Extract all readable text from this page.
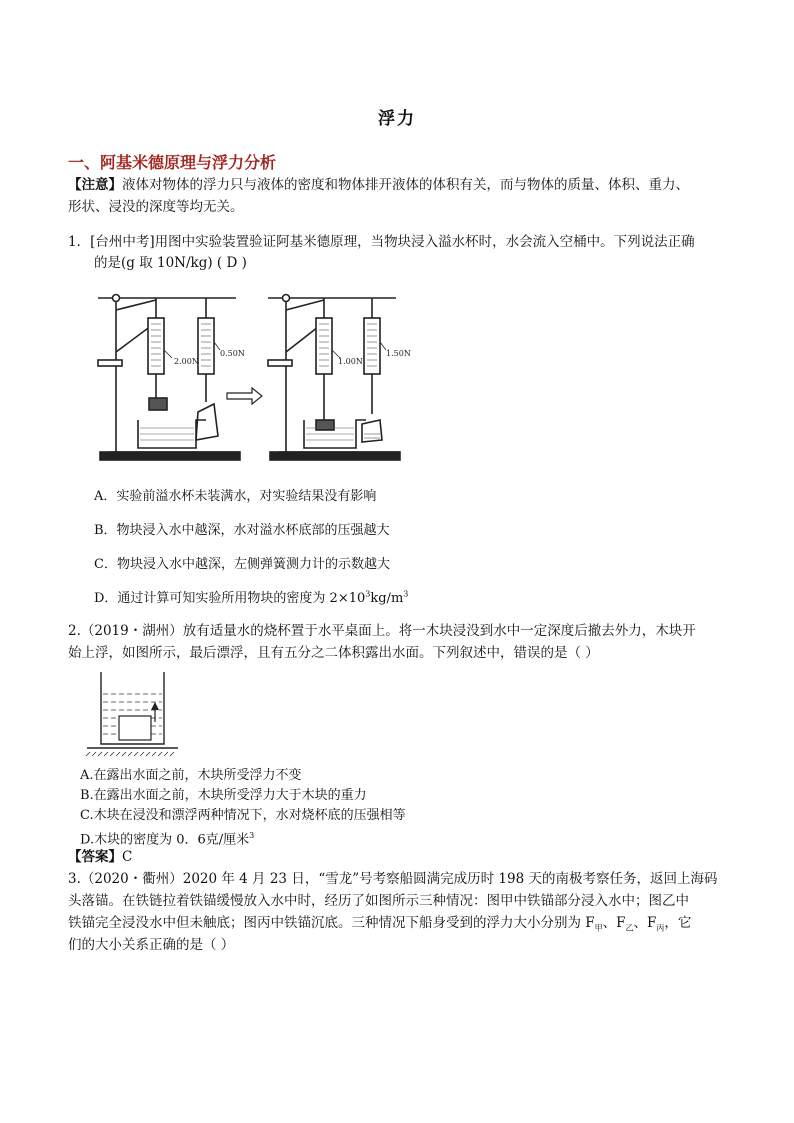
浮力
一、阿基米德原理与浮力分析
【注意】液体对物体的浮力只与液体的密度和物体排开液体的体积有关，而与物体的质量、体积、重力、
形状、浸没的深度等均无关。
1．[台州中考]用图中实验装置验证阿基米德原理，当物块浸入溢水杯时，水会流入空桶中。下列说法正确
的是(g 取 10N/kg) ( D )
2.00N
0.50N
1.00N
1.50N
A．实验前溢水杯未装满水，对实验结果没有影响
B．物块浸入水中越深，水对溢水杯底部的压强越大
C．物块浸入水中越深，左侧弹簧测力计的示数越大
D．通过计算可知实验所用物块的密度为 $2\times 10^3kg/m^3$
2.（2019・湖州）放有适量水的烧杯置于水平桌面上。将一木块浸没到水中一定深度后撤去外力，木块开
始上浮，如图所示，最后漂浮，且有五分之二体积露出水面。下列叙述中，错误的是（ ）
A.在露出水面之前，木块所受浮力不变
B.在露出水面之前，木块所受浮力大于木块的重力
C.木块在浸没和漂浮两种情况下，水对烧杯底的压强相等
D.木块的密度为 0．6克/厘米$^3$
【答案】C
3.（2020・衢州）2020 年 4 月 23 日，“雪龙”号考察船圆满完成历时 198 天的南极考察任务，返回上海码
头落锚。在铁链拉着铁锚缓慢放入水中时，经历了如图所示三种情况：图甲中铁锚部分浸入水中；图乙中
铁锚完全浸没水中但未触底；图丙中铁锚沉底。三种情况下船身受到的浮力大小分别为 $F_甲$、$F_乙$、$F_丙$，它
们的大小关系正确的是（ ）
